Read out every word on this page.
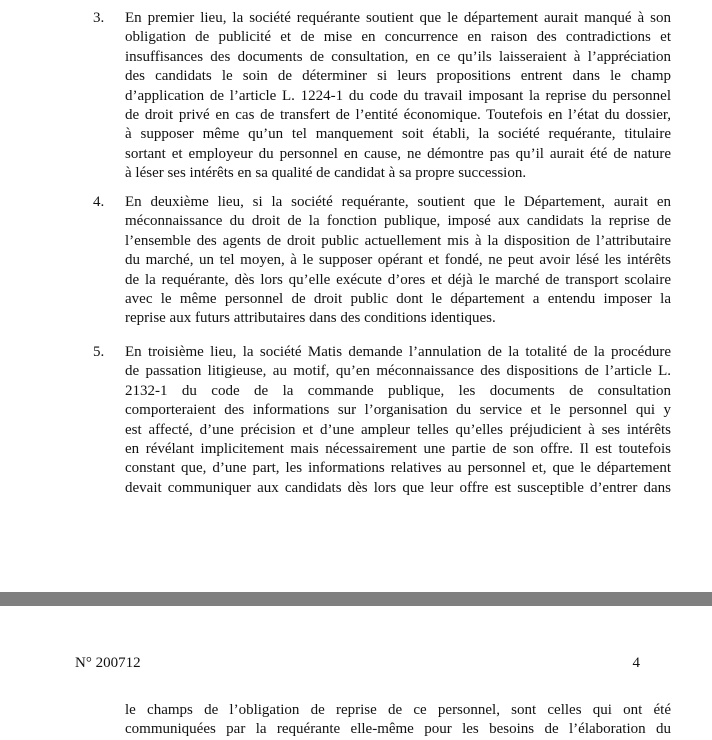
3. En premier lieu, la société requérante soutient que le département aurait manqué à son
obligation de publicité et de mise en concurrence en raison des contradictions et
insuffisances des documents de consultation, en ce qu’ils laisseraient à l’appréciation
des candidats le soin de déterminer si leurs propositions entrent dans le champ
d’application de l’article L. 1224-1 du code du travail imposant la reprise du personnel
de droit privé en cas de transfert de l’entité économique. Toutefois en l’état du dossier,
à supposer même qu’un tel manquement soit établi, la société requérante, titulaire
sortant et employeur du personnel en cause, ne démontre pas qu’il aurait été de nature
à léser ses intérêts en sa qualité de candidat à sa propre succession.
4. En deuxième lieu, si la société requérante, soutient que le Département, aurait en
méconnaissance du droit de la fonction publique, imposé aux candidats la reprise de
l’ensemble des agents de droit public actuellement mis à la disposition de l’attributaire
du marché, un tel moyen, à le supposer opérant et fondé, ne peut avoir lésé les intérêts
de la requérante, dès lors qu’elle exécute d’ores et déjà le marché de transport scolaire
avec le même personnel de droit public dont le département a entendu imposer la
reprise aux futurs attributaires dans des conditions identiques.
5. En troisième lieu, la société Matis demande l’annulation de la totalité de la procédure
de passation litigieuse, au motif, qu’en méconnaissance des dispositions de l’article L.
2132-1 du code de la commande publique, les documents de consultation
comporteraient des informations sur l’organisation du service et le personnel qui y
est affecté, d’une précision et d’une ampleur telles qu’elles préjudicient à ses intérêts
en révélant implicitement mais nécessairement une partie de son offre. Il est toutefois
constant que, d’une part, les informations relatives au personnel et, que le département
devait communiquer aux candidats dès lors que leur offre est susceptible d’entrer dans
N° 200712	4
le champs de l’obligation de reprise de ce personnel, sont celles qui ont été
communiquées par la requérante elle-même pour les besoins de l’élaboration du
